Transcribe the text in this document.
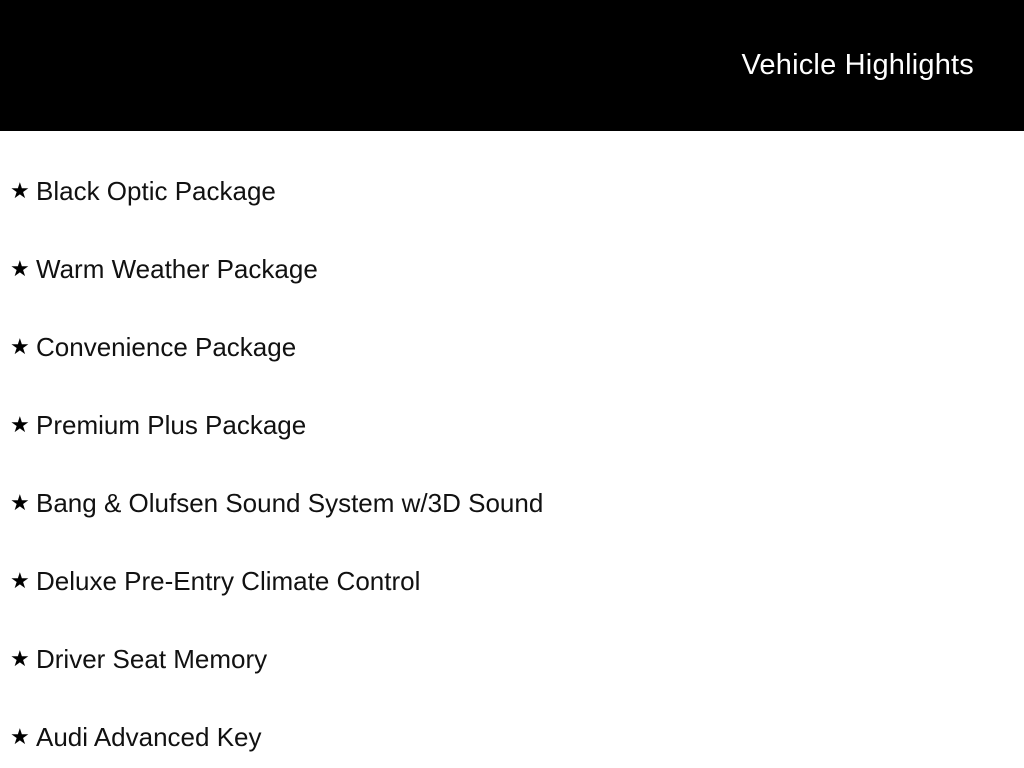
Vehicle Highlights
★ Black Optic Package
★ Warm Weather Package
★ Convenience Package
★ Premium Plus Package
★ Bang & Olufsen Sound System w/3D Sound
★ Deluxe Pre-Entry Climate Control
★ Driver Seat Memory
★ Audi Advanced Key
